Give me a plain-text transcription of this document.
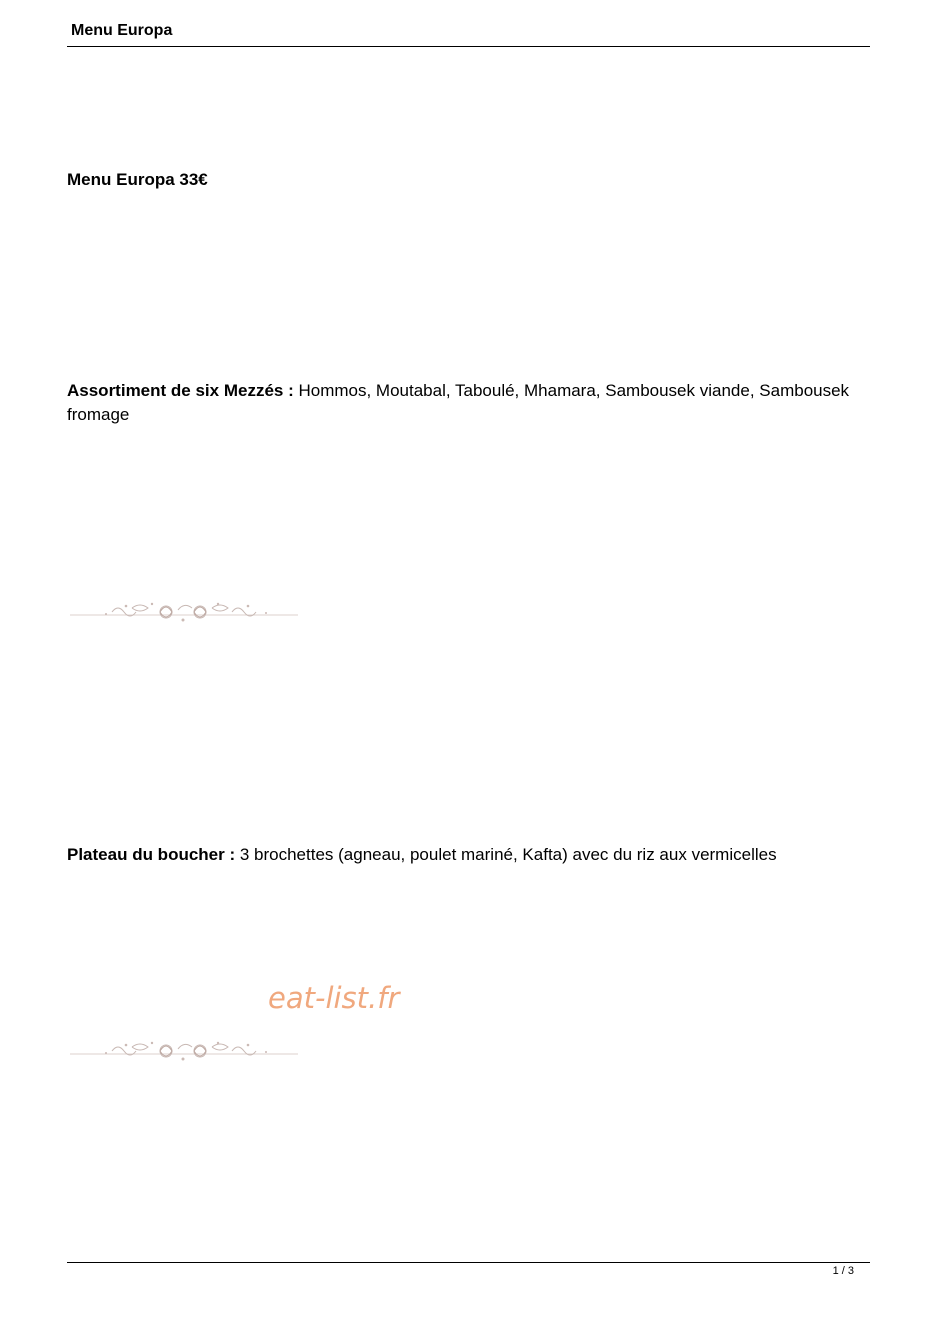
Menu Europa
Menu Europa 33€
Assortiment de six Mezzés : Hommos, Moutabal, Taboulé, Mhamara, Sambousek viande, Sambousek fromage
Plateau du boucher : 3 brochettes (agneau, poulet mariné, Kafta) avec du riz aux vermicelles
eat-list.fr
1 / 3
